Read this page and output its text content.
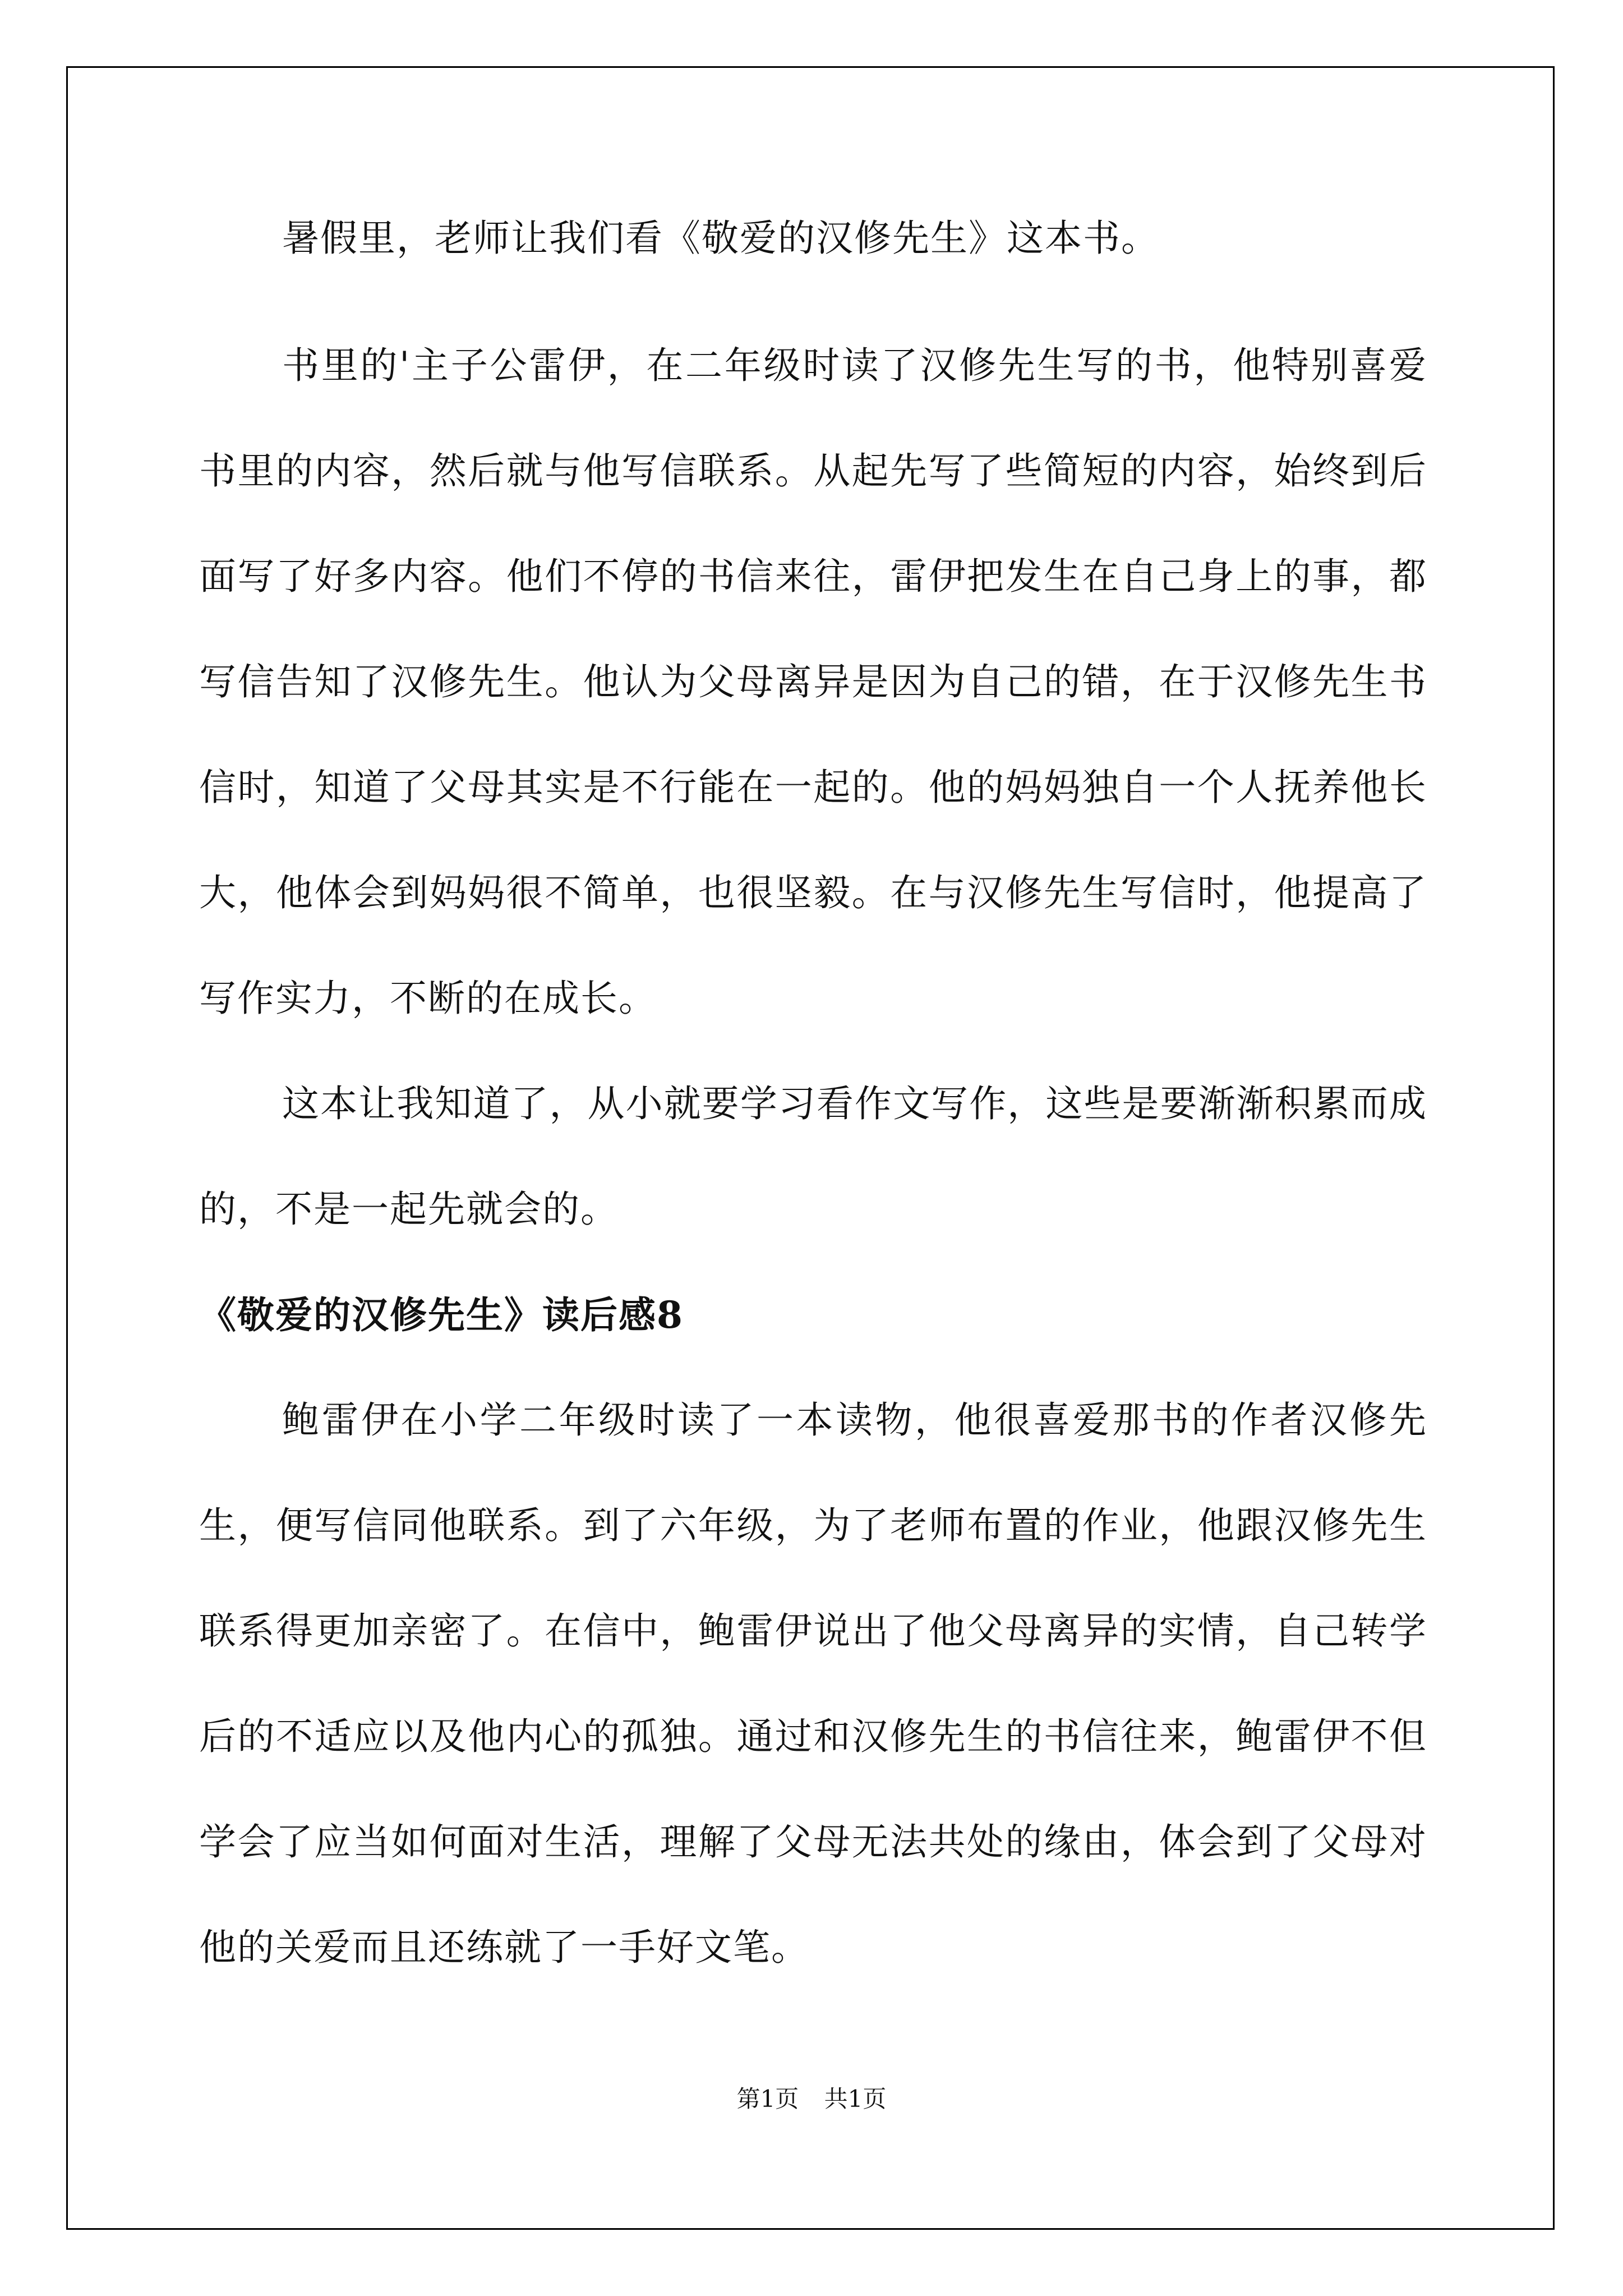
暑假里，老师让我们看《敬爱的汉修先生》这本书。

书里的'主子公雷伊，在二年级时读了汉修先生写的书，他特别喜爱书里的内容，然后就与他写信联系。从起先写了些简短的内容，始终到后面写了好多内容。他们不停的书信来往，雷伊把发生在自己身上的事，都写信告知了汉修先生。他认为父母离异是因为自己的错，在于汉修先生书信时，知道了父母其实是不行能在一起的。他的妈妈独自一个人抚养他长大，他体会到妈妈很不简单，也很坚毅。在与汉修先生写信时，他提高了写作实力，不断的在成长。

这本让我知道了，从小就要学习看作文写作，这些是要渐渐积累而成的，不是一起先就会的。

《敬爱的汉修先生》读后感8

鲍雷伊在小学二年级时读了一本读物，他很喜爱那书的作者汉修先生，便写信同他联系。到了六年级，为了老师布置的作业，他跟汉修先生联系得更加亲密了。在信中，鲍雷伊说出了他父母离异的实情，自己转学后的不适应以及他内心的孤独。通过和汉修先生的书信往来，鲍雷伊不但学会了应当如何面对生活，理解了父母无法共处的缘由，体会到了父母对他的关爱而且还练就了一手好文笔。

第1页 共1页
